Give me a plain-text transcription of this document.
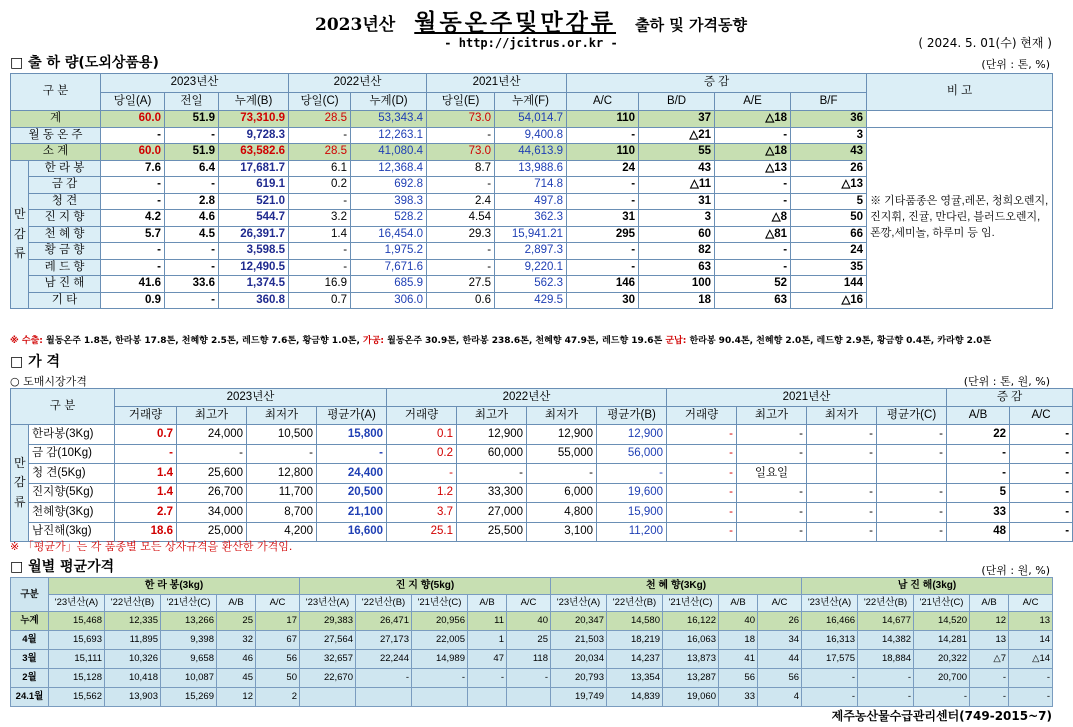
2023년산 월동온주및만감류 출하 및 가격동향
- http://jcitrus.or.kr -	( 2024. 5. 01(수) 현재 )
□ 출 하 량(도외상품용)	(단위 : 톤, %)
구 분		2023년산			2022년산		2021년산		증 감				비 고
		당일(A)	전일	누계(B)	당일(C)	누계(D)	당일(E)	누계(F)	A/C	B/D	A/E	B/F	
계		60.0	51.9	73,310.9	28.5	53,343.4	73.0	54,014.7	110	37	△18	36	
월 동 온 주		-	-	9,728.3	-	12,263.1	-	9,400.8	-	△21	-	3	※ 기타품종은 영귤,레몬, 청희오렌지, 진지휘, 진귤, 만다린, 블러드오렌지, 폰깡,세미놀, 하루미 등 임.
소 계		60.0	51.9	63,582.6	28.5	41,080.4	73.0	44,613.9	110	55	△18	43	
만
감
류	한 라 봉	7.6	6.4	17,681.7	6.1	12,368.4	8.7	13,988.6	24	43	△13	26	
	금 감	-	-	619.1	0.2	692.8	-	714.8	-	△11	-	△13	
	청 견	-	2.8	521.0	-	398.3	2.4	497.8	-	31	-	5	
	진 지 향	4.2	4.6	544.7	3.2	528.2	4.54	362.3	31	3	△8	50	
	천 혜 향	5.7	4.5	26,391.7	1.4	16,454.0	29.3	15,941.21	295	60	△81	66	
	황 금 향	-	-	3,598.5	-	1,975.2	-	2,897.3	-	82	-	24	
	레 드 향	-	-	12,490.5	-	7,671.6	-	9,220.1	-	63	-	35	
	남 진 해	41.6	33.6	1,374.5	16.9	685.9	27.5	562.3	146	100	52	144	
	기 타	0.9	-	360.8	0.7	306.0	0.6	429.5	30	18	63	△16	
※ 수출: 월동온주 1.8톤, 한라봉 17.8톤, 천혜향 2.5톤, 레드향 7.6톤, 황금향 1.0톤, 가공: 월동온주 30.9톤, 한라봉 238.6톤, 천혜향 47.9톤, 레드향 19.6톤 군납: 한라봉 90.4톤, 천혜향 2.0톤, 레드향 2.9톤, 황금향 0.4톤, 카라향 2.0톤
□ 가 격
○ 도매시장가격	(단위 : 톤, 원, %)
구 분		2023년산				2022년산				2021년산				증 감	
		거래량	최고가	최저가	평균가(A)	거래량	최고가	최저가	평균가(B)	거래량	최고가	최저가	평균가(C)	A/B	A/C
만
감
류	한라봉(3Kg)	0.7	24,000	10,500	15,800	0.1	12,900	12,900	12,900	-	-	-	-	22	-
	금 감(10Kg)	-	-	-	-	0.2	60,000	55,000	56,000	-	-	-	-	-	-
	청 견(5Kg)	1.4	25,600	12,800	24,400	-	-	-	-	-	일요일			-	-
	진지향(5Kg)	1.4	26,700	11,700	20,500	1.2	33,300	6,000	19,600	-	-	-	-	5	-
	천혜향(3Kg)	2.7	34,000	8,700	21,100	3.7	27,000	4,800	15,900	-	-	-	-	33	-
	남진해(3kg)	18.6	25,000	4,200	16,600	25.1	25,500	3,100	11,200	-	-	-	-	48	-
※ 「평균가」는 각 품종별 모든 상자규격을 환산한 가격임.
□ 월별 평균가격	(단위 : 원, %)
구분	한 라 봉(3kg)					진 지 향(5kg)					천 혜 향(3Kg)					남 진 해(3kg)				
	'23년산(A)	'22년산(B)	'21년산(C)	A/B	A/C	'23년산(A)	'22년산(B)	'21년산(C)	A/B	A/C	'23년산(A)	'22년산(B)	'21년산(C)	A/B	A/C	'23년산(A)	'22년산(B)	'21년산(C)	A/B	A/C
누계	15,468	12,335	13,266	25	17	29,383	26,471	20,956	11	40	20,347	14,580	16,122	40	26	16,466	14,677	14,520	12	13
4월	15,693	11,895	9,398	32	67	27,564	27,173	22,005	1	25	21,503	18,219	16,063	18	34	16,313	14,382	14,281	13	14
3월	15,111	10,326	9,658	46	56	32,657	22,244	14,989	47	118	20,034	14,237	13,873	41	44	17,575	18,884	20,322	△7	△14
2월	15,128	10,418	10,087	45	50	22,670	-	-	-	-	20,793	13,354	13,287	56	56	-	-	20,700	-	-
24.1월	15,562	13,903	15,269	12	2						19,749	14,839	19,060	33	4	-	-	-	-	-
제주농산물수급관리센터(749-2015~7)
